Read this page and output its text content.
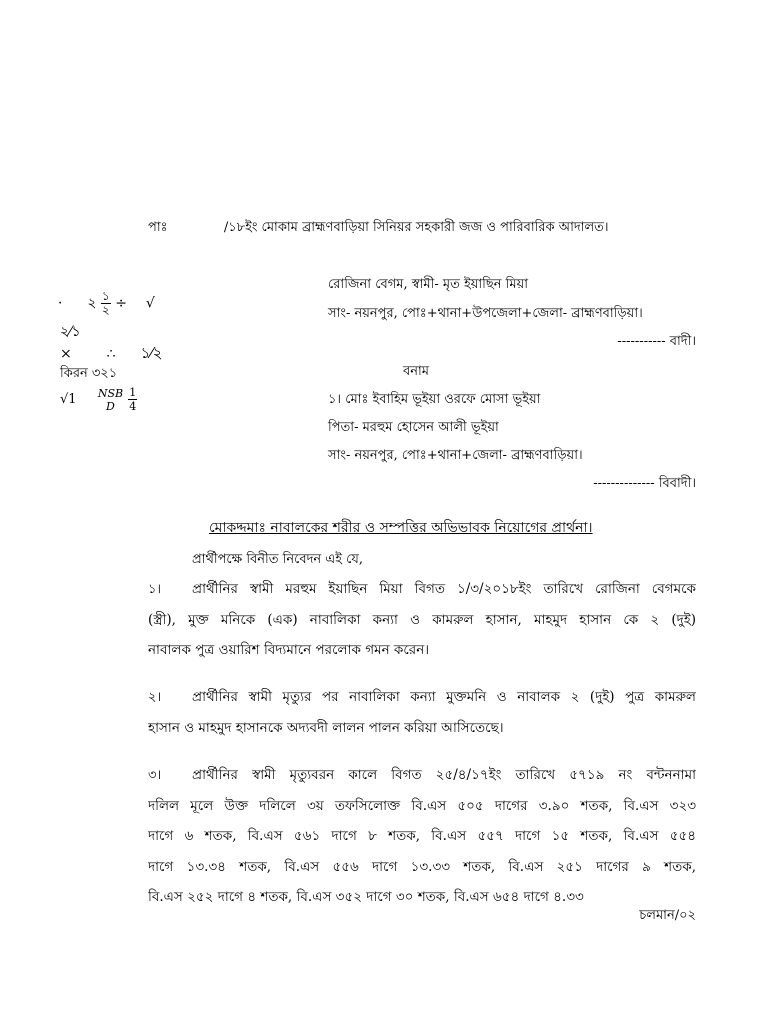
পাঃ	/১৮ইং মোকাম ব্রাহ্মণবাড়িয়া সিনিয়র সহকারী জজ ও পারিবারিক আদালত।
· ২ $\frac{১}{২}$ ÷ √
২⁄১
× ∴ ১⁄২
কিরন ৩২১
√1 NSB
D
	$\frac{1}{4}$
রোজিনা বেগম, স্বামী- মৃত ইয়াছিন মিয়া
সাং- নয়নপুর, পোঃ+থানা+উপজেলা+জেলা- ব্রাহ্মণবাড়িয়া।
----------- বাদী।
বনাম
১। মোঃ ইবাহিম ভূইয়া ওরফে মোসা ভূইয়া
পিতা- মরহুম হোসেন আলী ভূইয়া
সাং- নয়নপুর, পোঃ+থানা+জেলা- ব্রাহ্মণবাড়িয়া।
-------------- বিবাদী।
মোকদ্দমাঃ নাবালকের শরীর ও সম্পত্তির অভিভাবক নিয়োগের প্রার্থনা।
প্রার্থীপক্ষে বিনীত নিবেদন এই যে,
১।	প্রার্থীনির স্বামী মরহুম ইয়াছিন মিয়া বিগত ১/৩/২০১৮ইং তারিখে রোজিনা বেগমকে
(স্ত্রী), মুক্ত মনিকে (এক) নাবালিকা কন্যা ও কামরুল হাসান, মাহমুদ হাসান কে ২ (দুই)
নাবালক পুত্র ওয়ারিশ বিদ্যমানে পরলোক গমন করেন।
২।	প্রার্থীনির স্বামী মৃত্যুর পর নাবালিকা কন্যা মুক্তমনি ও নাবালক ২ (দুই) পুত্র কামরুল
হাসান ও মাহমুদ হাসানকে অদ্যবদী লালন পালন করিয়া আসিতেছে।
৩।	প্রার্থীনির স্বামী মৃত্যুবরন কালে বিগত ২৫/৪/১৭ইং তারিখে ৫৭১৯ নং বন্টননামা
দলিল মূলে উক্ত দলিলে ৩য় তফসিলোক্ত বি.এস ৫০৫ দাগের ৩.৯০ শতক, বি.এস ৩২৩
দাগে ৬ শতক, বি.এস ৫৬১ দাগে ৮ শতক, বি.এস ৫৫৭ দাগে ১৫ শতক, বি.এস ৫৫৪
দাগে ১৩.৩৪ শতক, বি.এস ৫৫৬ দাগে ১৩.৩৩ শতক, বি.এস ২৫১ দাগের ৯ শতক,
বি.এস ২৫২ দাগে ৪ শতক, বি.এস ৩৫২ দাগে ৩০ শতক, বি.এস ৬৫৪ দাগে ৪.৩৩
চলমান/০২
